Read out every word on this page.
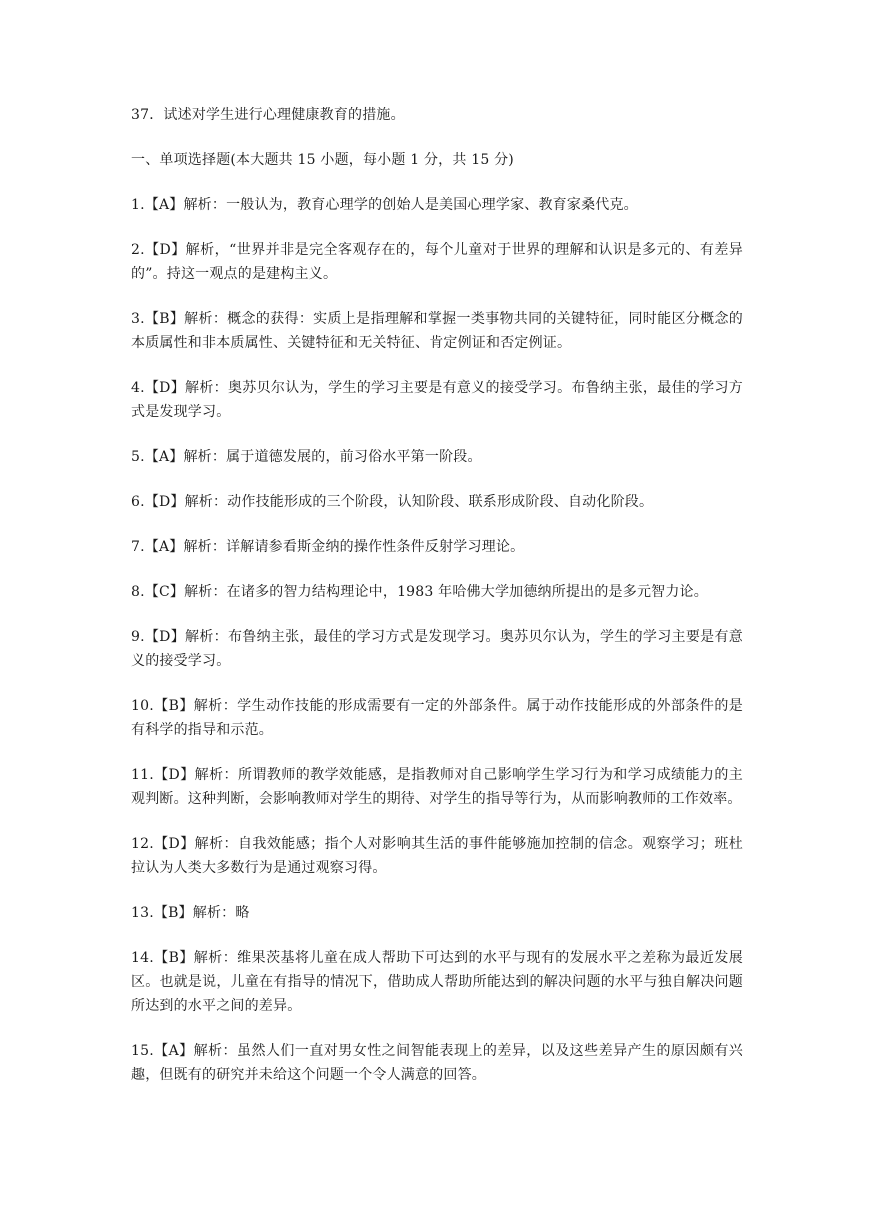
37．试述对学生进行心理健康教育的措施。

一、单项选择题(本大题共 15 小题，每小题 1 分，共 15 分)

1.【A】解析：一般认为，教育心理学的创始人是美国心理学家、教育家桑代克。

2.【D】解析，“世界并非是完全客观存在的，每个儿童对于世界的理解和认识是多元的、有差异的”。持这一观点的是建构主义。

3.【B】解析：概念的获得：实质上是指理解和掌握一类事物共同的关键特征，同时能区分概念的本质属性和非本质属性、关键特征和无关特征、肯定例证和否定例证。

4.【D】解析：奥苏贝尔认为，学生的学习主要是有意义的接受学习。布鲁纳主张，最佳的学习方式是发现学习。

5.【A】解析：属于道德发展的，前习俗水平第一阶段。

6.【D】解析：动作技能形成的三个阶段，认知阶段、联系形成阶段、自动化阶段。

7.【A】解析：详解请参看斯金纳的操作性条件反射学习理论。

8.【C】解析：在诸多的智力结构理论中，1983 年哈佛大学加德纳所提出的是多元智力论。

9.【D】解析：布鲁纳主张，最佳的学习方式是发现学习。奥苏贝尔认为，学生的学习主要是有意义的接受学习。

10.【B】解析：学生动作技能的形成需要有一定的外部条件。属于动作技能形成的外部条件的是有科学的指导和示范。

11.【D】解析：所谓教师的教学效能感，是指教师对自己影响学生学习行为和学习成绩能力的主观判断。这种判断，会影响教师对学生的期待、对学生的指导等行为，从而影响教师的工作效率。

12.【D】解析：自我效能感；指个人对影响其生活的事件能够施加控制的信念。观察学习；班杜拉认为人类大多数行为是通过观察习得。

13.【B】解析：略

14.【B】解析：维果茨基将儿童在成人帮助下可达到的水平与现有的发展水平之差称为最近发展区。也就是说，儿童在有指导的情况下，借助成人帮助所能达到的解决问题的水平与独自解决问题所达到的水平之间的差异。

15.【A】解析：虽然人们一直对男女性之间智能表现上的差异，以及这些差异产生的原因颇有兴趣，但既有的研究并未给这个问题一个令人满意的回答。
